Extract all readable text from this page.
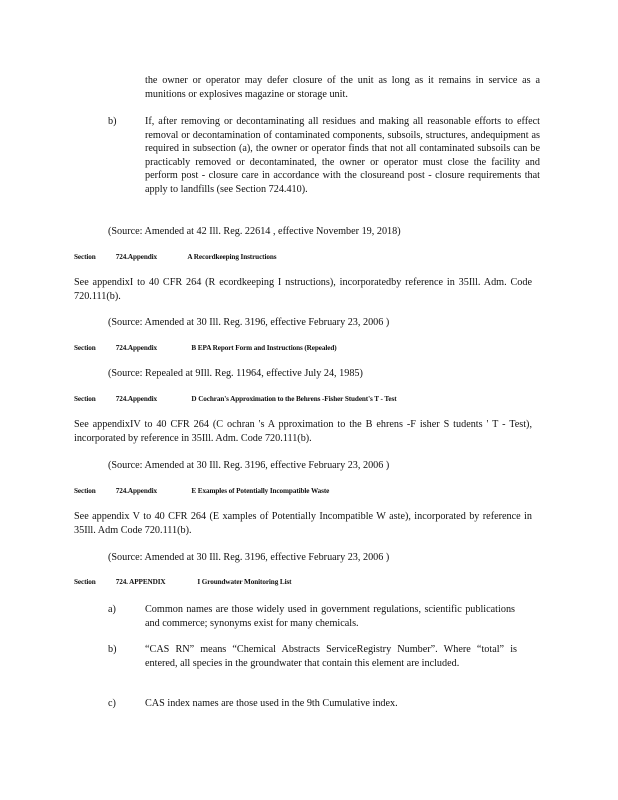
the owner or operator may defer closure of the unit as long as it remains in service as a munitions or explosives magazine or storage unit.

b)	If, after removing or decontaminating all residues and making all reasonable efforts to effect removal or decontamination of contaminated components, subsoils, structures, andequipment as required in subsection (a), the owner or operator finds that not all contaminated subsoils can be practicably removed or decontaminated, the owner or operator must close the facility and perform post - closure care in accordance with the closureand post - closure requirements that apply to landfills (see Section 724.410).

(Source: Amended at 42 Ill. Reg. 22614 , effective November 19, 2018)

Section	724.Appendix	A Recordkeeping Instructions

See appendixI to 40 CFR 264 (R ecordkeeping I nstructions), incorporatedby reference in 35Ill. Adm. Code 720.111(b).

(Source: Amended at 30 Ill. Reg. 3196, effective February 23, 2006 )

Section	724.Appendix	B EPA Report Form and Instructions (Repealed)

(Source: Repealed at 9Ill. Reg. 11964, effective July 24, 1985)

Section	724.Appendix	D Cochran's Approximation to the Behrens -Fisher Student's T - Test

See appendixIV to 40 CFR 264 (C ochran 's A pproximation to the B ehrens -F isher S tudents ' T - Test), incorporated by reference in 35Ill. Adm. Code 720.111(b).

(Source: Amended at 30 Ill. Reg. 3196, effective February 23, 2006 )

Section	724.Appendix	E Examples of Potentially Incompatible Waste

See appendix V to 40 CFR 264 (E xamples of Potentially Incompatible W aste), incorporated by reference in 35Ill. Adm Code 720.111(b).

(Source: Amended at 30 Ill. Reg. 3196, effective February 23, 2006 )

Section	724. APPENDIX	I Groundwater Monitoring List
a)	Common names are those widely used in government regulations, scientific publications and commerce; synonyms exist for many chemicals.

b)	“CAS RN” means “Chemical Abstracts ServiceRegistry Number”. Where “total” is entered, all species in the groundwater that contain this element are included.

c)	CAS index names are those used in the 9th Cumulative index.
